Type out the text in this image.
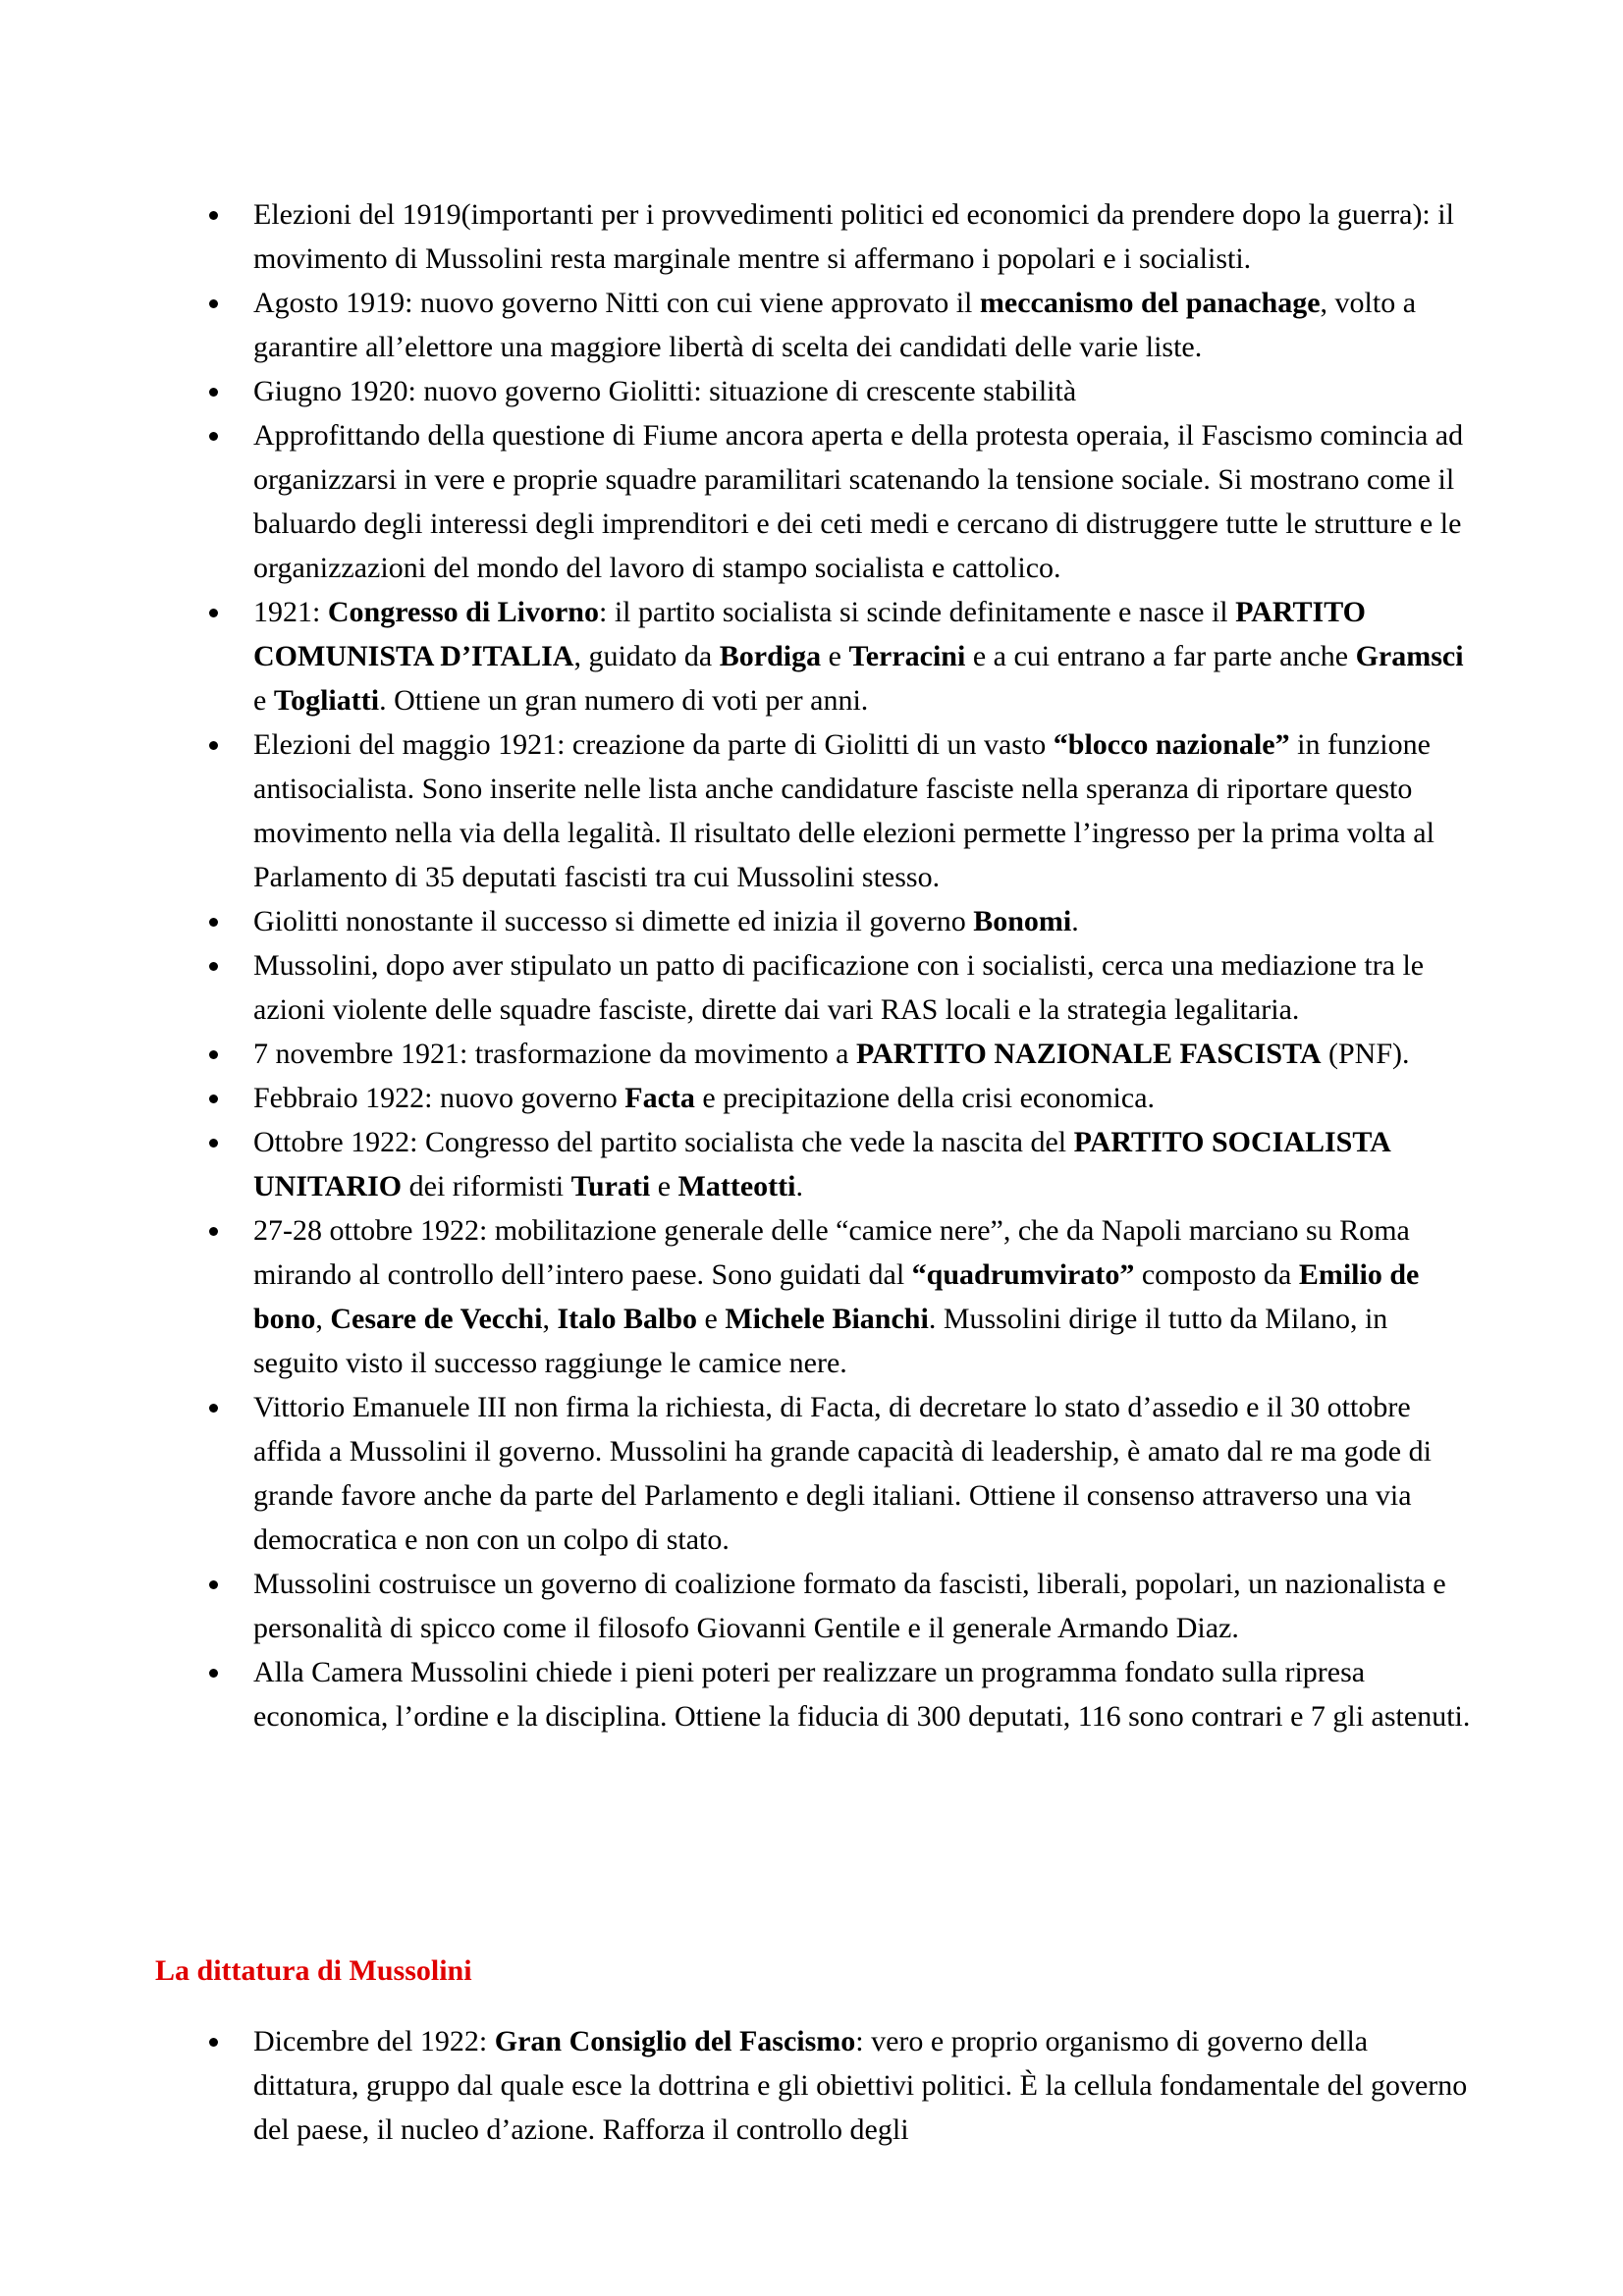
Elezioni del 1919(importanti per i provvedimenti politici ed economici da prendere dopo la guerra): il movimento di Mussolini resta marginale mentre si affermano i popolari e i socialisti.

Agosto 1919: nuovo governo Nitti con cui viene approvato il meccanismo del panachage, volto a garantire all’elettore una maggiore libertà di scelta dei candidati delle varie liste.

Giugno 1920: nuovo governo Giolitti: situazione di crescente stabilità

Approfittando della questione di Fiume ancora aperta e della protesta operaia, il Fascismo comincia ad organizzarsi in vere e proprie squadre paramilitari scatenando la tensione sociale. Si mostrano come il baluardo degli interessi degli imprenditori e dei ceti medi e cercano di distruggere tutte le strutture e le organizzazioni del mondo del lavoro di stampo socialista e cattolico.

1921: Congresso di Livorno: il partito socialista si scinde definitamente e nasce il PARTITO COMUNISTA D’ITALIA, guidato da Bordiga e Terracini e a cui entrano a far parte anche Gramsci e Togliatti. Ottiene un gran numero di voti per anni.

Elezioni del maggio 1921: creazione da parte di Giolitti di un vasto “blocco nazionale” in funzione antisocialista. Sono inserite nelle lista anche candidature fasciste nella speranza di riportare questo movimento nella via della legalità. Il risultato delle elezioni permette l’ingresso per la prima volta al Parlamento di 35 deputati fascisti tra cui Mussolini stesso.

Giolitti nonostante il successo si dimette ed inizia il governo Bonomi.

Mussolini, dopo aver stipulato un patto di pacificazione con i socialisti, cerca una mediazione tra le azioni violente delle squadre fasciste, dirette dai vari RAS locali e la strategia legalitaria.

7 novembre 1921: trasformazione da movimento a PARTITO NAZIONALE FASCISTA (PNF).

Febbraio 1922: nuovo governo Facta e precipitazione della crisi economica.

Ottobre 1922: Congresso del partito socialista che vede la nascita del PARTITO SOCIALISTA UNITARIO dei riformisti Turati e Matteotti.

27-28 ottobre 1922: mobilitazione generale delle “camice nere”, che da Napoli marciano su Roma mirando al controllo dell’intero paese. Sono guidati dal “quadrumvirato” composto da Emilio de bono, Cesare de Vecchi, Italo Balbo e Michele Bianchi. Mussolini dirige il tutto da Milano, in seguito visto il successo raggiunge le camice nere.

Vittorio Emanuele III non firma la richiesta, di Facta, di decretare lo stato d’assedio e il 30 ottobre affida a Mussolini il governo. Mussolini ha grande capacità di leadership, è amato dal re ma gode di grande favore anche da parte del Parlamento e degli italiani. Ottiene il consenso attraverso una via democratica e non con un colpo di stato.

Mussolini costruisce un governo di coalizione formato da fascisti, liberali, popolari, un nazionalista e personalità di spicco come il filosofo Giovanni Gentile e il generale Armando Diaz.

Alla Camera Mussolini chiede i pieni poteri per realizzare un programma fondato sulla ripresa economica, l’ordine e la disciplina. Ottiene la fiducia di 300 deputati, 116 sono contrari e 7 gli astenuti.

La dittatura di Mussolini

Dicembre del 1922: Gran Consiglio del Fascismo: vero e proprio organismo di governo della dittatura, gruppo dal quale esce la dottrina e gli obiettivi politici. È la cellula fondamentale del governo del paese, il nucleo d’azione. Rafforza il controllo degli
